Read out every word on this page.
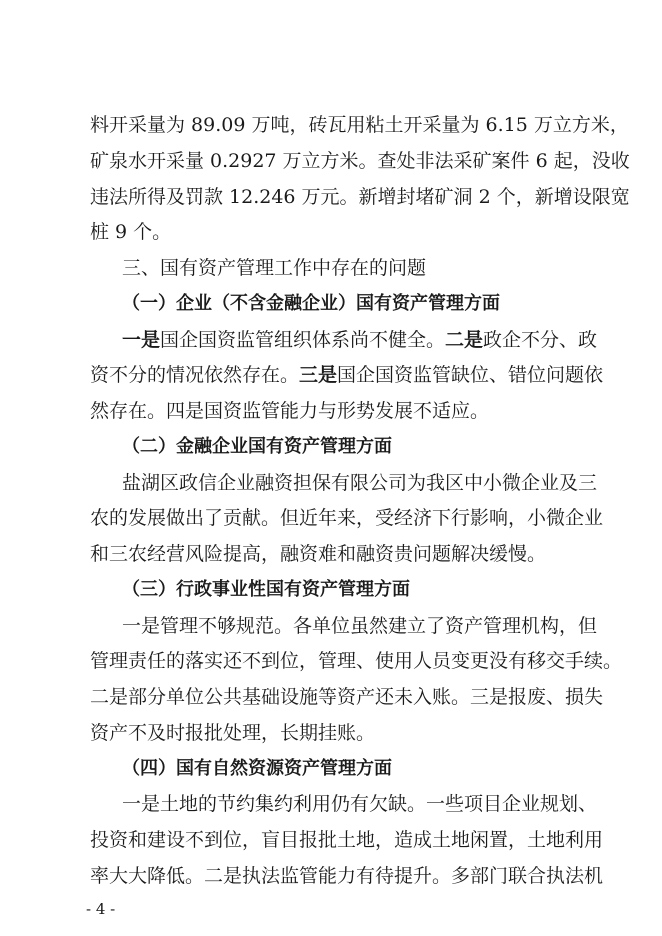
料开采量为 89.09 万吨，砖瓦用粘土开采量为 6.15 万立方米，
矿泉水开采量 0.2927 万立方米。查处非法采矿案件 6 起，没收
违法所得及罚款 12.246 万元。新增封堵矿洞 2 个，新增设限宽
桩 9 个。
三、国有资产管理工作中存在的问题
（一）企业（不含金融企业）国有资产管理方面
一是国企国资监管组织体系尚不健全。二是政企不分、政
资不分的情况依然存在。三是国企国资监管缺位、错位问题依
然存在。四是国资监管能力与形势发展不适应。
（二）金融企业国有资产管理方面
盐湖区政信企业融资担保有限公司为我区中小微企业及三
农的发展做出了贡献。但近年来，受经济下行影响，小微企业
和三农经营风险提高，融资难和融资贵问题解决缓慢。
（三）行政事业性国有资产管理方面
一是管理不够规范。各单位虽然建立了资产管理机构，但
管理责任的落实还不到位，管理、使用人员变更没有移交手续。
二是部分单位公共基础设施等资产还未入账。三是报废、损失
资产不及时报批处理，长期挂账。
（四）国有自然资源资产管理方面
一是土地的节约集约利用仍有欠缺。一些项目企业规划、
投资和建设不到位，盲目报批土地，造成土地闲置，土地利用
率大大降低。二是执法监管能力有待提升。多部门联合执法机
- 4 -
